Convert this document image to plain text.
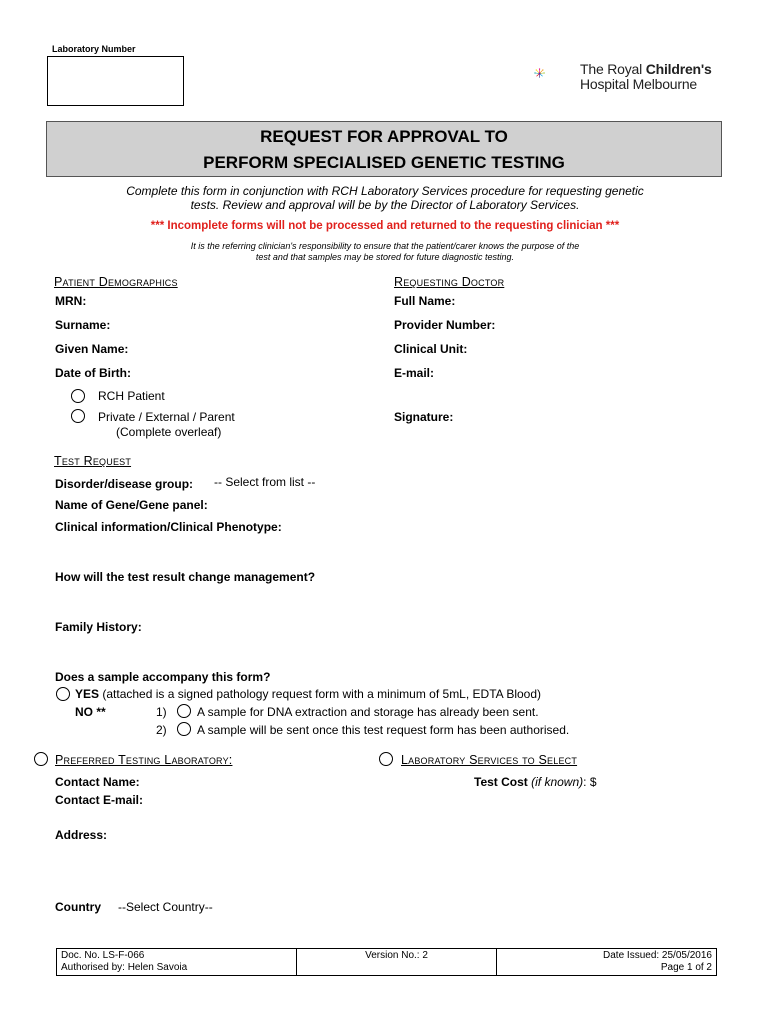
Laboratory Number
The Royal Children's
Hospital Melbourne
REQUEST FOR APPROVAL TO
PERFORM SPECIALISED GENETIC TESTING
Complete this form in conjunction with RCH Laboratory Services procedure for requesting genetic
tests. Review and approval will be by the Director of Laboratory Services.
*** Incomplete forms will not be processed and returned to the requesting clinician ***
It is the referring clinician's responsibility to ensure that the patient/carer knows the purpose of the
test and that samples may be stored for future diagnostic testing.
Patient Demographics
MRN:
Surname:
Given Name:
Date of Birth:
RCH Patient
Private / External / Parent
(Complete overleaf)
Requesting Doctor
Full Name:
Provider Number:
Clinical Unit:
E-mail:
Signature:
Test Request
Disorder/disease group: -- Select from list --
Name of Gene/Gene panel:
Clinical information/Clinical Phenotype:
How will the test result change management?
Family History:
Does a sample accompany this form?
YES (attached is a signed pathology request form with a minimum of 5mL, EDTA Blood)
NO **	1)	A sample for DNA extraction and storage has already been sent.
2)	A sample will be sent once this test request form has been authorised.
Preferred Testing Laboratory:	Laboratory Services to Select
Contact Name:	Test Cost (if known): $
Contact E-mail:
Address:
Country --Select Country--
Doc. No. LS-F-066
Authorised by: Helen Savoia
Version No.: 2	Date Issued: 25/05/2016
Page 1 of 2
